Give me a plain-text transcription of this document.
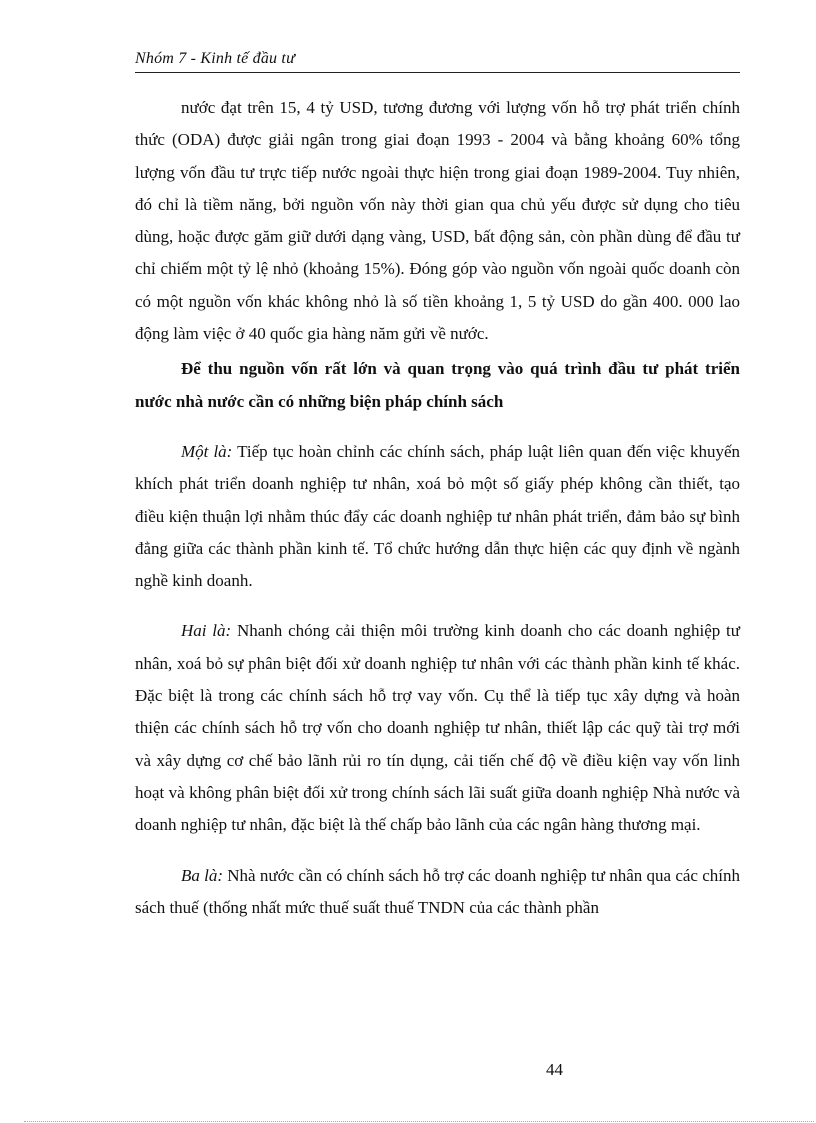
Nhóm 7 - Kinh tế đầu tư

nước đạt trên 15, 4 tỷ USD, tương đương với lượng vốn hỗ trợ phát triển chính thức (ODA) được giải ngân trong giai đoạn 1993 - 2004 và bằng khoảng 60% tổng lượng vốn đầu tư trực tiếp nước ngoài thực hiện trong giai đoạn 1989-2004. Tuy nhiên, đó chỉ là tiềm năng, bởi nguồn vốn này thời gian qua chủ yếu được sử dụng cho tiêu dùng, hoặc được găm giữ dưới dạng vàng, USD, bất động sản, còn phần dùng để đầu tư chỉ chiếm một tỷ lệ nhỏ (khoảng 15%). Đóng góp vào nguồn vốn ngoài quốc doanh còn có một nguồn vốn khác không nhỏ là số tiền khoảng 1, 5 tỷ USD do gần 400. 000 lao động làm việc ở 40 quốc gia hàng năm gửi về nước.

Để thu nguồn vốn rất lớn và quan trọng vào quá trình đầu tư phát triển nước nhà nước cần có những biện pháp chính sách

Một là: Tiếp tục hoàn chỉnh các chính sách, pháp luật liên quan đến việc khuyến khích phát triển doanh nghiệp tư nhân, xoá bỏ một số giấy phép không cần thiết, tạo điều kiện thuận lợi nhằm thúc đẩy các doanh nghiệp tư nhân phát triển, đảm bảo sự bình đẳng giữa các thành phần kinh tế. Tổ chức hướng dẫn thực hiện các quy định về ngành nghề kinh doanh.

Hai là: Nhanh chóng cải thiện môi trường kinh doanh cho các doanh nghiệp tư nhân, xoá bỏ sự phân biệt đối xử doanh nghiệp tư nhân với các thành phần kinh tế khác. Đặc biệt là trong các chính sách hỗ trợ vay vốn. Cụ thể là tiếp tục xây dựng và hoàn thiện các chính sách hỗ trợ vốn cho doanh nghiệp tư nhân, thiết lập các quỹ tài trợ mới và xây dựng cơ chế bảo lãnh rủi ro tín dụng, cải tiến chế độ về điều kiện vay vốn linh hoạt và không phân biệt đối xử trong chính sách lãi suất giữa doanh nghiệp Nhà nước và doanh nghiệp tư nhân, đặc biệt là thế chấp bảo lãnh của các ngân hàng thương mại.

Ba là: Nhà nước cần có chính sách hỗ trợ các doanh nghiệp tư nhân qua các chính sách thuế (thống nhất mức thuế suất thuế TNDN của các thành phần

44
